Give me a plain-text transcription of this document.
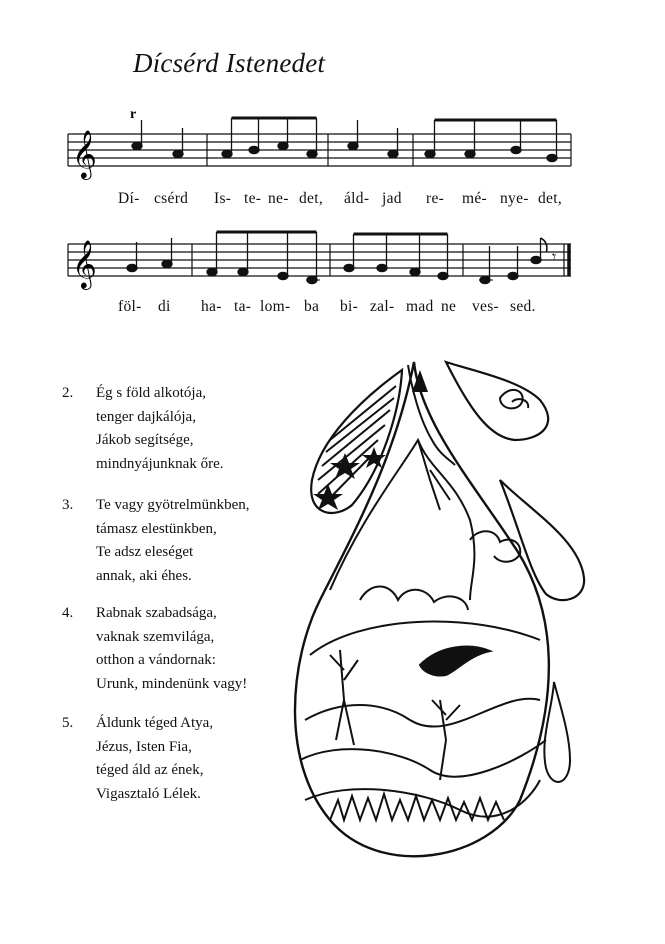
Dícsérd Istenedet
r
𝄞
𝄞	𝄾
Dí- csérd Is- te- ne- det, áld- jad re- mé- nye- det,
föl- di ha- ta- lom- ba bi- zal- mad ne ves- sed.
2. Ég s föld alkotója,
tenger dajkálója,
Jákob segítsége,
mindnyájunknak őre.
3. Te vagy gyötrelmünkben,
támasz elestünkben,
Te adsz eleséget
annak, aki éhes.
4. Rabnak szabadsága,
vaknak szemvilága,
otthon a vándornak:
Urunk, mindenünk vagy!
5. Áldunk téged Atya,
Jézus, Isten Fia,
téged áld az ének,
Vigasztaló Lélek.
